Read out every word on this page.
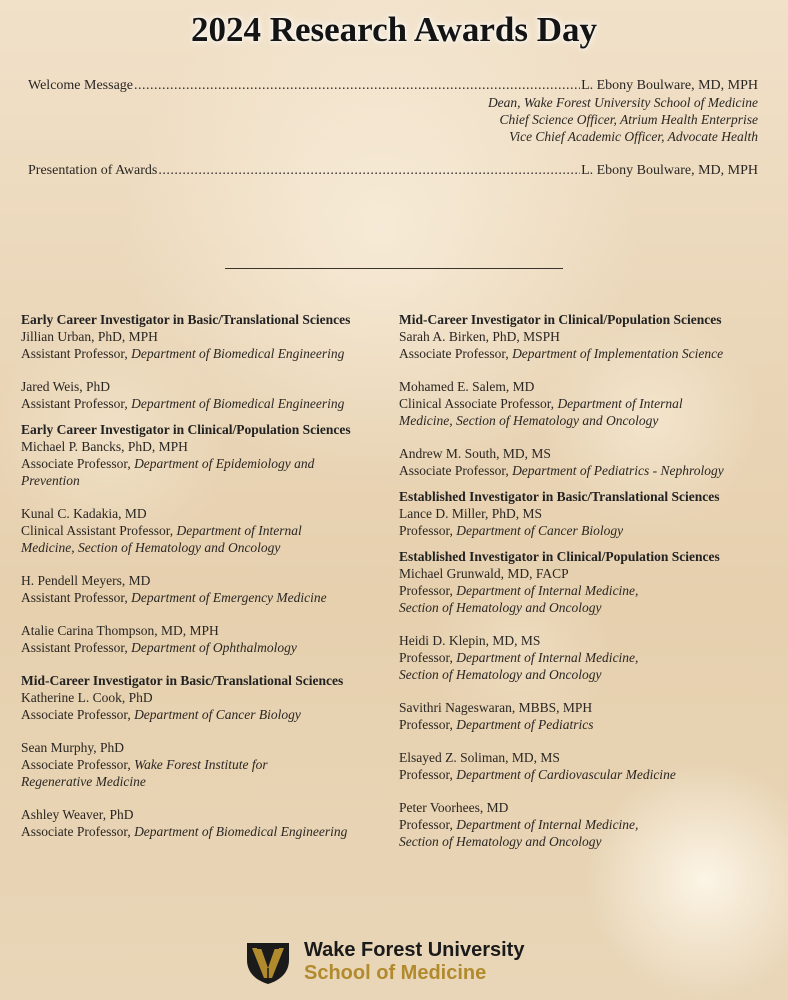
2024 Research Awards Day
Welcome Message .....	L. Ebony Boulware, MD, MPH
Dean, Wake Forest University School of Medicine
Chief Science Officer, Atrium Health Enterprise
Vice Chief Academic Officer, Advocate Health
Presentation of Awards .....	L. Ebony Boulware, MD, MPH
Early Career Investigator in Basic/Translational Sciences
Jillian Urban, PhD, MPH
Assistant Professor, Department of Biomedical Engineering
Jared Weis, PhD
Assistant Professor, Department of Biomedical Engineering
Early Career Investigator in Clinical/Population Sciences
Michael P. Bancks, PhD, MPH
Associate Professor, Department of Epidemiology and
Prevention
Kunal C. Kadakia, MD
Clinical Assistant Professor, Department of Internal
Medicine, Section of Hematology and Oncology
H. Pendell Meyers, MD
Assistant Professor, Department of Emergency Medicine
Atalie Carina Thompson, MD, MPH
Assistant Professor, Department of Ophthalmology
Mid-Career Investigator in Basic/Translational Sciences
Katherine L. Cook, PhD
Associate Professor, Department of Cancer Biology
Sean Murphy, PhD
Associate Professor, Wake Forest Institute for
Regenerative Medicine
Ashley Weaver, PhD
Associate Professor, Department of Biomedical Engineering
Mid-Career Investigator in Clinical/Population Sciences
Sarah A. Birken, PhD, MSPH
Associate Professor, Department of Implementation Science
Mohamed E. Salem, MD
Clinical Associate Professor, Department of Internal
Medicine, Section of Hematology and Oncology
Andrew M. South, MD, MS
Associate Professor, Department of Pediatrics - Nephrology
Established Investigator in Basic/Translational Sciences
Lance D. Miller, PhD, MS
Professor, Department of Cancer Biology
Established Investigator in Clinical/Population Sciences
Michael Grunwald, MD, FACP
Professor, Department of Internal Medicine,
Section of Hematology and Oncology
Heidi D. Klepin, MD, MS
Professor, Department of Internal Medicine,
Section of Hematology and Oncology
Savithri Nageswaran, MBBS, MPH
Professor, Department of Pediatrics
Elsayed Z. Soliman, MD, MS
Professor, Department of Cardiovascular Medicine
Peter Voorhees, MD
Professor, Department of Internal Medicine,
Section of Hematology and Oncology
Wake Forest University
School of Medicine
